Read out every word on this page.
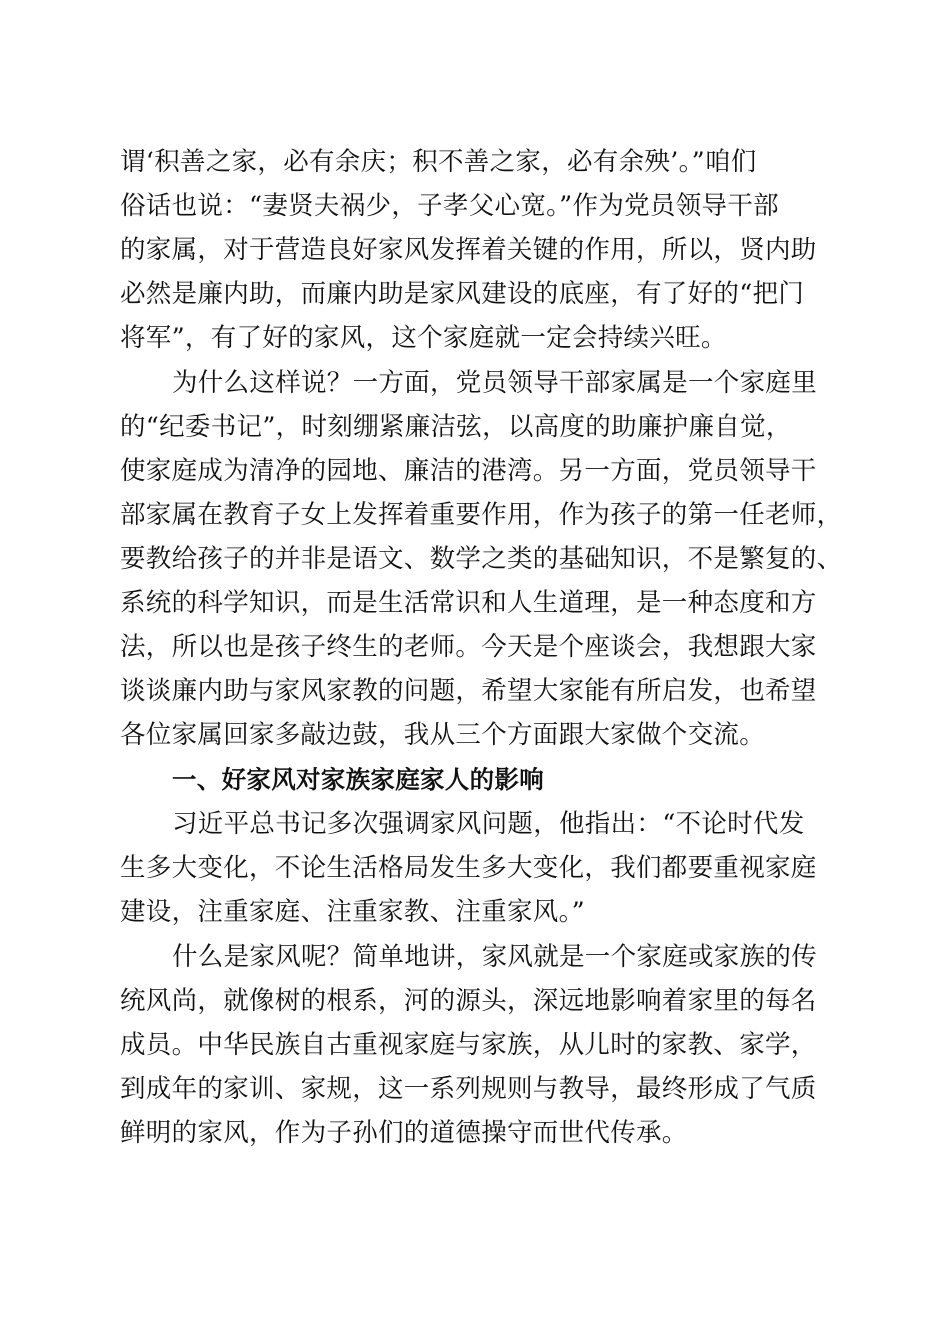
谓‘积善之家，必有余庆；积不善之家，必有余殃’。”咱们
俗话也说：“妻贤夫祸少，子孝父心宽。”作为党员领导干部
的家属，对于营造良好家风发挥着关键的作用，所以，贤内助
必然是廉内助，而廉内助是家风建设的底座，有了好的“把门
将军”，有了好的家风，这个家庭就一定会持续兴旺。
为什么这样说？一方面，党员领导干部家属是一个家庭里
的“纪委书记”，时刻绷紧廉洁弦，以高度的助廉护廉自觉，
使家庭成为清净的园地、廉洁的港湾。另一方面，党员领导干
部家属在教育子女上发挥着重要作用，作为孩子的第一任老师，
要教给孩子的并非是语文、数学之类的基础知识，不是繁复的、
系统的科学知识，而是生活常识和人生道理，是一种态度和方
法，所以也是孩子终生的老师。今天是个座谈会，我想跟大家
谈谈廉内助与家风家教的问题，希望大家能有所启发，也希望
各位家属回家多敲边鼓，我从三个方面跟大家做个交流。
一、好家风对家族家庭家人的影响
习近平总书记多次强调家风问题，他指出：“不论时代发
生多大变化，不论生活格局发生多大变化，我们都要重视家庭
建设，注重家庭、注重家教、注重家风。”
什么是家风呢？简单地讲，家风就是一个家庭或家族的传
统风尚，就像树的根系，河的源头，深远地影响着家里的每名
成员。中华民族自古重视家庭与家族，从儿时的家教、家学，
到成年的家训、家规，这一系列规则与教导，最终形成了气质
鲜明的家风，作为子孙们的道德操守而世代传承。
